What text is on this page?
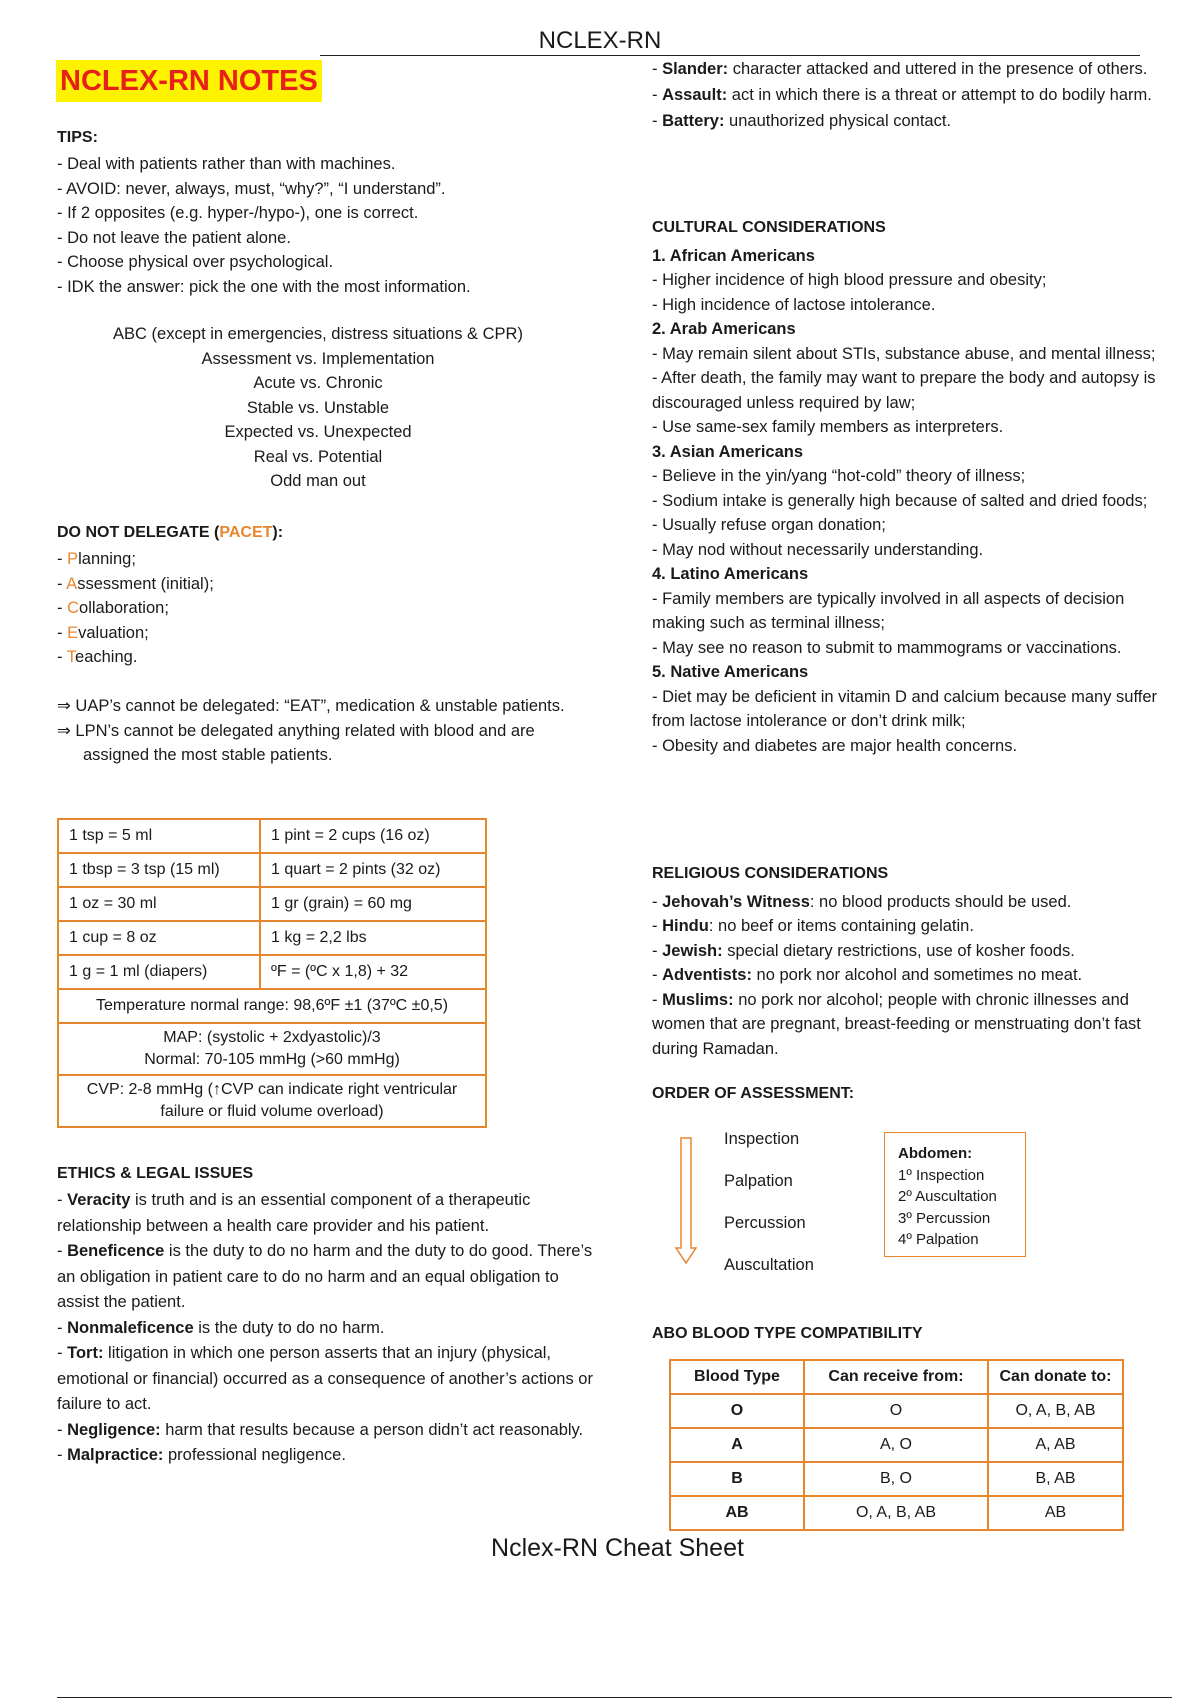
NCLEX-RN
NCLEX-RN NOTES

TIPS:

- Deal with patients rather than with machines.

- AVOID: never, always, must, “why?”, “I understand”.

- If 2 opposites (e.g. hyper-/hypo-), one is correct.

- Do not leave the patient alone.

- Choose physical over psychological.

- IDK the answer: pick the one with the most information.

ABC (except in emergencies, distress situations & CPR)

Assessment vs. Implementation

Acute vs. Chronic

Stable vs. Unstable

Expected vs. Unexpected

Real vs. Potential

Odd man out

DO NOT DELEGATE (PACET):

- Planning;

- Assessment (initial);

- Collaboration;

- Evaluation;

- Teaching.

⇒ UAP’s cannot be delegated: “EAT”, medication & unstable patients.

⇒ LPN’s cannot be delegated anything related with blood and are assigned the most stable patients.

1 tsp = 5 ml	1 pint = 2 cups (16 oz)
1 tbsp = 3 tsp (15 ml)	1 quart = 2 pints (32 oz)
1 oz = 30 ml	1 gr (grain) = 60 mg
1 cup = 8 oz	1 kg = 2,2 lbs
1 g = 1 ml (diapers)	ºF = (ºC x 1,8) + 32
Temperature normal range: 98,6ºF ±1 (37ºC ±0,5)	

MAP: (systolic + 2xdyastolic)/3
Normal: 70-105 mmHg (>60 mmHg)	

CVP: 2-8 mmHg (↑CVP can indicate right ventricular failure or fluid volume overload)	

ETHICS & LEGAL ISSUES

- Veracity is truth and is an essential component of a therapeutic relationship between a health care provider and his patient.

- Beneficence is the duty to do no harm and the duty to do good. There’s an obligation in patient care to do no harm and an equal obligation to assist the patient.

- Nonmaleficence is the duty to do no harm.

- Tort: litigation in which one person asserts that an injury (physical, emotional or financial) occurred as a consequence of another’s actions or failure to act.

- Negligence: harm that results because a person didn’t act reasonably.

- Malpractice: professional negligence.

- Slander: character attacked and uttered in the presence of others.

- Assault: act in which there is a threat or attempt to do bodily harm.

- Battery: unauthorized physical contact.

CULTURAL CONSIDERATIONS

1. African Americans

- Higher incidence of high blood pressure and obesity;

- High incidence of lactose intolerance.

2. Arab Americans

- May remain silent about STIs, substance abuse, and mental illness;

- After death, the family may want to prepare the body and autopsy is discouraged unless required by law;

- Use same-sex family members as interpreters.

3. Asian Americans

- Believe in the yin/yang “hot-cold” theory of illness;

- Sodium intake is generally high because of salted and dried foods;

- Usually refuse organ donation;

- May nod without necessarily understanding.

4. Latino Americans

- Family members are typically involved in all aspects of decision making such as terminal illness;

- May see no reason to submit to mammograms or vaccinations.

5. Native Americans

- Diet may be deficient in vitamin D and calcium because many suffer from lactose intolerance or don’t drink milk;

- Obesity and diabetes are major health concerns.

RELIGIOUS CONSIDERATIONS

- Jehovah’s Witness: no blood products should be used.

- Hindu: no beef or items containing gelatin.

- Jewish: special dietary restrictions, use of kosher foods.

- Adventists: no pork nor alcohol and sometimes no meat.

- Muslims: no pork nor alcohol; people with chronic illnesses and women that are pregnant, breast-feeding or menstruating don’t fast during Ramadan.

ORDER OF ASSESSMENT:

Inspection
Palpation
Percussion
Auscultation
Abdomen:
1º Inspection
2º Auscultation
3º Percussion
4º Palpation

ABO BLOOD TYPE COMPATIBILITY

Blood Type	Can receive from:	Can donate to:
O	O	O, A, B, AB
A	A, O	A, AB
B	B, O	B, AB
AB	O, A, B, AB	AB
Nclex-RN Cheat Sheet
